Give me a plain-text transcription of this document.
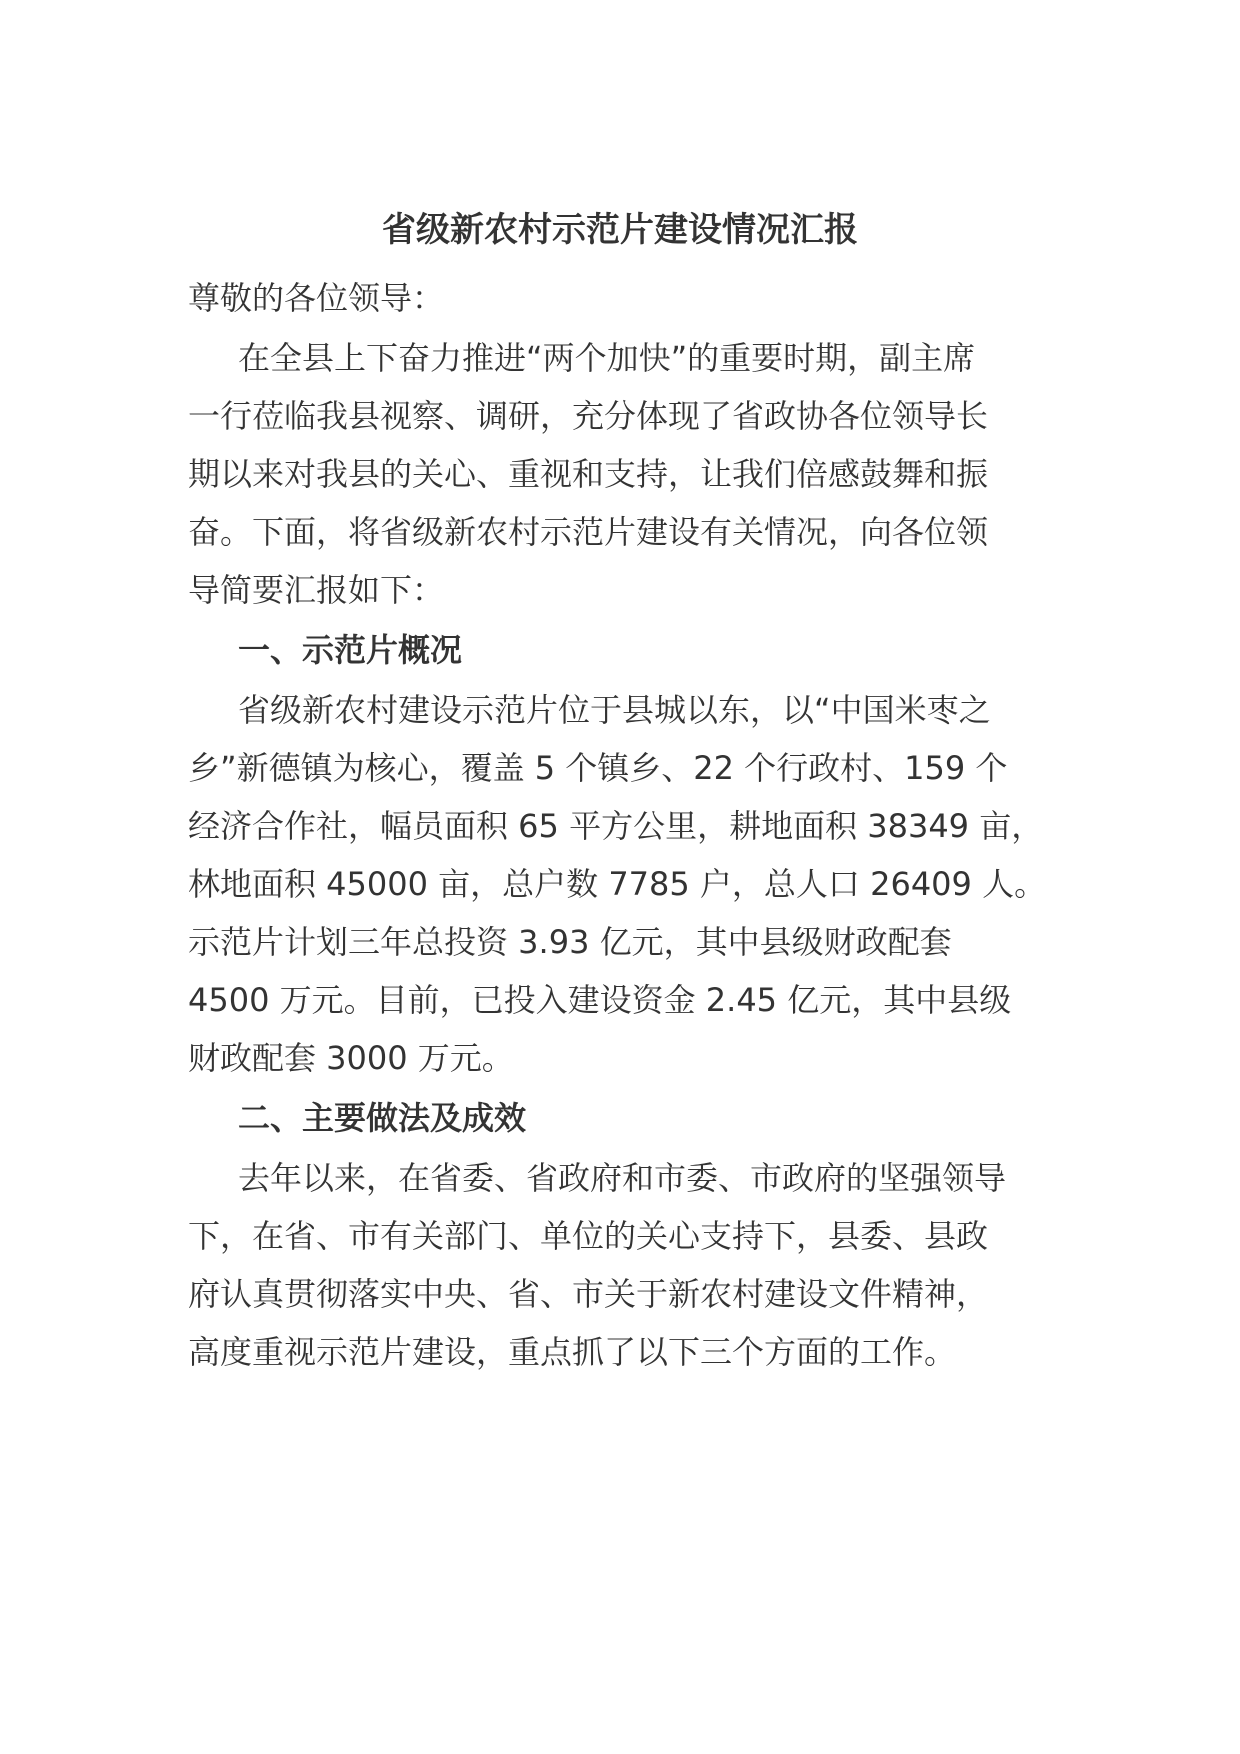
省级新农村示范片建设情况汇报

尊敬的各位领导：

在全县上下奋力推进“两个加快”的重要时期，副主席

一行莅临我县视察、调研，充分体现了省政协各位领导长

期以来对我县的关心、重视和支持，让我们倍感鼓舞和振

奋。下面，将省级新农村示范片建设有关情况，向各位领

导简要汇报如下：

一、示范片概况

省级新农村建设示范片位于县城以东，以“中国米枣之

乡”新德镇为核心，覆盖 5 个镇乡、22 个行政村、159 个

经济合作社，幅员面积 65 平方公里，耕地面积 38349 亩，

林地面积 45000 亩，总户数 7785 户，总人口 26409 人。

示范片计划三年总投资 3.93 亿元，其中县级财政配套

4500 万元。目前，已投入建设资金 2.45 亿元，其中县级

财政配套 3000 万元。

二、主要做法及成效

去年以来，在省委、省政府和市委、市政府的坚强领导

下，在省、市有关部门、单位的关心支持下，县委、县政

府认真贯彻落实中央、省、市关于新农村建设文件精神，

高度重视示范片建设，重点抓了以下三个方面的工作。
